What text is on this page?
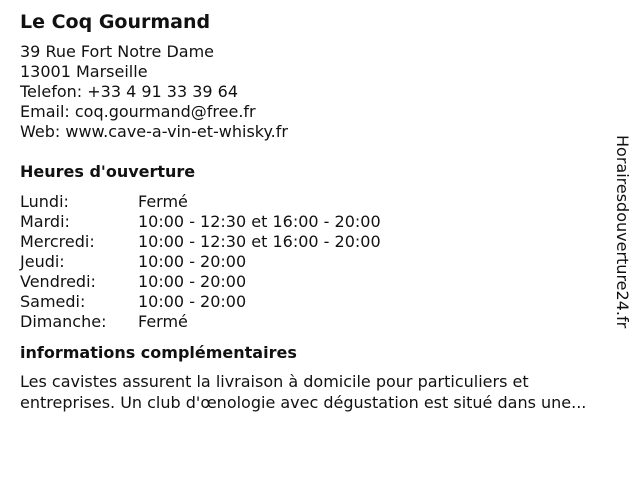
Le Coq Gourmand
39 Rue Fort Notre Dame
13001 Marseille
Telefon: +33 4 91 33 39 64
Email: coq.gourmand@free.fr
Web: www.cave-a-vin-et-whisky.fr
Heures d'ouverture
Lundi:	Fermé
Mardi:	10:00 - 12:30 et 16:00 - 20:00
Mercredi:	10:00 - 12:30 et 16:00 - 20:00
Jeudi:	10:00 - 20:00
Vendredi:	10:00 - 20:00
Samedi:	10:00 - 20:00
Dimanche:	Fermé
informations complémentaires
Les cavistes assurent la livraison à domicile pour particuliers et entreprises. Un club d'œnologie avec dégustation est situé dans une...
Horairesdouverture24.fr
